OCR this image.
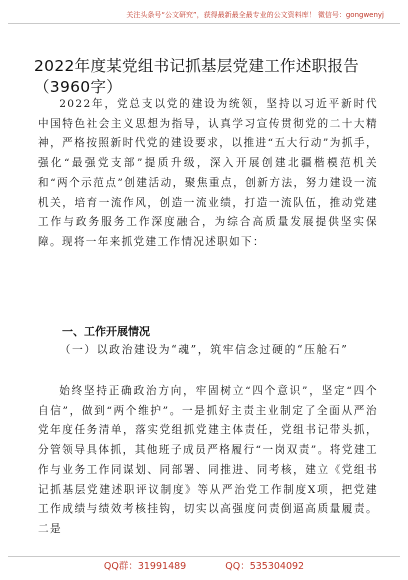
关注头条号“公文研究”，获得最新最全最专业的公文资料库！ 微信号：gongwenyj
2022年度某党组书记抓基层党建工作述职报告（3960字）

2022年，党总支以党的建设为统领，坚持以习近平新时代中国特色社会主义思想为指导，认真学习宣传贯彻党的二十大精神，严格按照新时代党的建设要求，以推进“五大行动”为抓手，强化“最强党支部”提质升级，深入开展创建北疆楷模范机关和“两个示范点”创建活动，聚焦重点，创新方法，努力建设一流机关，培育一流作风，创造一流业绩，打造一流队伍，推动党建工作与政务服务工作深度融合，为综合高质量发展提供坚实保障。现将一年来抓党建工作情况述职如下：

一、工作开展情况

（一）以政治建设为“魂”，筑牢信念过硬的“压舱石”

始终坚持正确政治方向，牢固树立“四个意识”，坚定“四个自信”，做到“两个维护”。一是抓好主责主业制定了全面从严治党年度任务清单，落实党组抓党建主体责任，党组书记带头抓，分管领导具体抓，其他班子成员严格履行“一岗双责”。将党建工作与业务工作同谋划、同部署、同推进、同考核，建立《党组书记抓基层党建述职评议制度》等从严治党工作制度X项，把党建工作成绩与绩效考核挂钩，切实以高强度问责倒逼高质量履责。二是

QQ群：31991489	QQ：535304092
